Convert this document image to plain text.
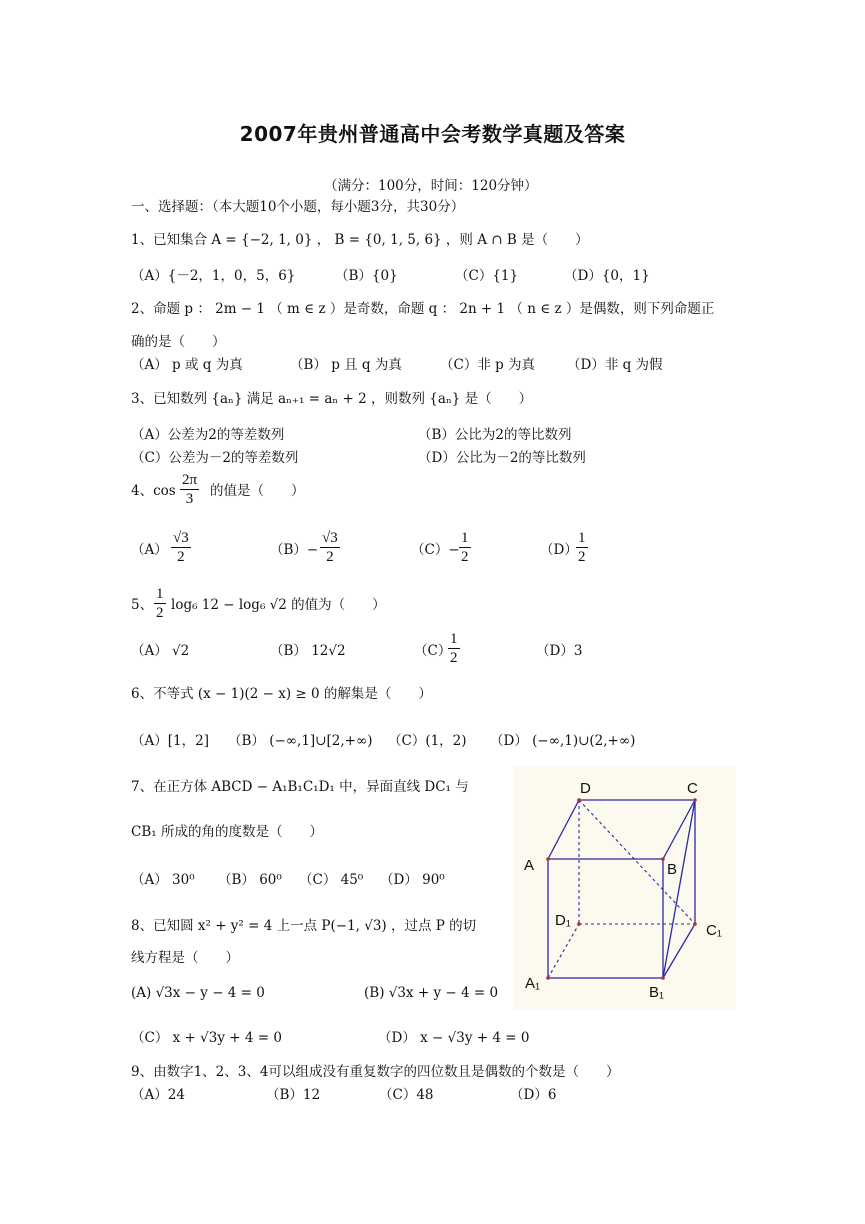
2007年贵州普通高中会考数学真题及答案
（满分：100分，时间：120分钟）
一、选择题：（本大题10个小题，每小题3分，共30分）
1、已知集合 A = {−2, 1, 0} ， B = {0, 1, 5, 6} ，则 A ∩ B 是（　　）
（A）{－2，1，0，5，6}	（B）{0}	（C）{1}	（D）{0，1}
2、命题 p ： 2m − 1 （ m ∈ z ）是奇数，命题 q ： 2n + 1 （ n ∈ z ）是偶数，则下列命题正
确的是（　　）
（A） p 或 q 为真	（B） p 且 q 为真	（C）非 p 为真 （D）非 q 为假
3、已知数列 {aₙ} 满足 aₙ₊₁ = aₙ + 2 ，则数列 {aₙ} 是（　　）
（A）公差为2的等差数列	（B）公比为2的等比数列
（C）公差为－2的等差数列	（D）公比为－2的等比数列
4、$\cos \frac{2\pi}{3}$ 的值是（　　）
$(A) \frac{√3}{2}$	$(B)- \frac{√3}{2}$	$(C)- \frac{1}{2}$	（D）
$\frac{1}{2}$
5、 $\frac{1}{2} \log_6$ 12 − log₆ √2 的值为（　　）
（A） √2	（B） 12√2	（C）
$\frac{1}{2}$	（D）3
6、不等式 (x − 1)(2 − x) ≥ 0 的解集是（　　）
（A）[1，2] （B） (−∞,1]∪[2,+∞) （C）(1，2) （D） (−∞,1)∪(2,+∞)
7、在正方体 ABCD − A₁B₁C₁D₁ 中，异面直线 DC₁ 与
CB₁ 所成的角的度数是（　　）
（A） 30⁰ （B） 60⁰ （C） 45⁰ （D） 90⁰
D	C
A	B
D₁
C₁
A₁
B₁
8、已知圆 x² + y² = 4 上一点 P(−1, √3) ，过点 P 的切
线方程是（　　）
(A) √3x − y − 4 = 0	(B) √3x + y − 4 = 0
（C） x + √3y + 4 = 0	（D） x − √3y + 4 = 0
9、由数字1、2、3、4可以组成没有重复数字的四位数且是偶数的个数是（　　）
（A）24	（B）12	（C）48	（D）6
